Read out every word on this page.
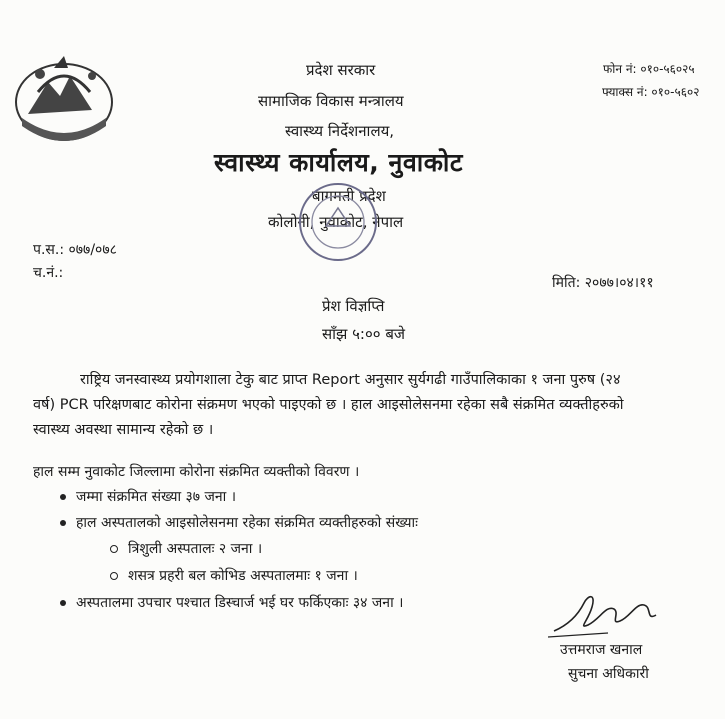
प्रदेश सरकार
सामाजिक विकास मन्त्रालय
स्वास्थ्य निर्देशनालय,
स्वास्थ्य कार्यालय, नुवाकोट
बागमती प्रदेश
कोलोनी, नुवाकोट, नेपाल
फोन नं: ०१०-५६०२५
फ्याक्स नं: ०१०-५६०२
प.स.: ०७७/०७८
च.नं.:
मिति: २०७७।०४।११
प्रेश विज्ञप्ति
साँझ ५:०० बजे
राष्ट्रिय जनस्वास्थ्य प्रयोगशाला टेकु बाट प्राप्त Report अनुसार सुर्यगढी गाउँपालिकाका १ जना पुरुष (२४
वर्ष) PCR परिक्षणबाट कोरोना संक्रमण भएको पाइएको छ । हाल आइसोलेसनमा रहेका सबै संक्रमित व्यक्तीहरुको
स्वास्थ्य अवस्था सामान्य रहेको छ ।
हाल सम्म नुवाकोट जिल्लामा कोरोना संक्रमित व्यक्तीको विवरण ।
जम्मा संक्रमित संख्या ३७ जना ।
हाल अस्पतालको आइसोलेसनमा रहेका संक्रमित व्यक्तीहरुको संख्याः
त्रिशुली अस्पतालः २ जना ।
शसत्र प्रहरी बल कोभिड अस्पतालमाः १ जना ।
अस्पतालमा उपचार पश्चात डिस्चार्ज भई घर फर्किएकाः ३४ जना ।
उत्तमराज खनाल
सुचना अधिकारी
